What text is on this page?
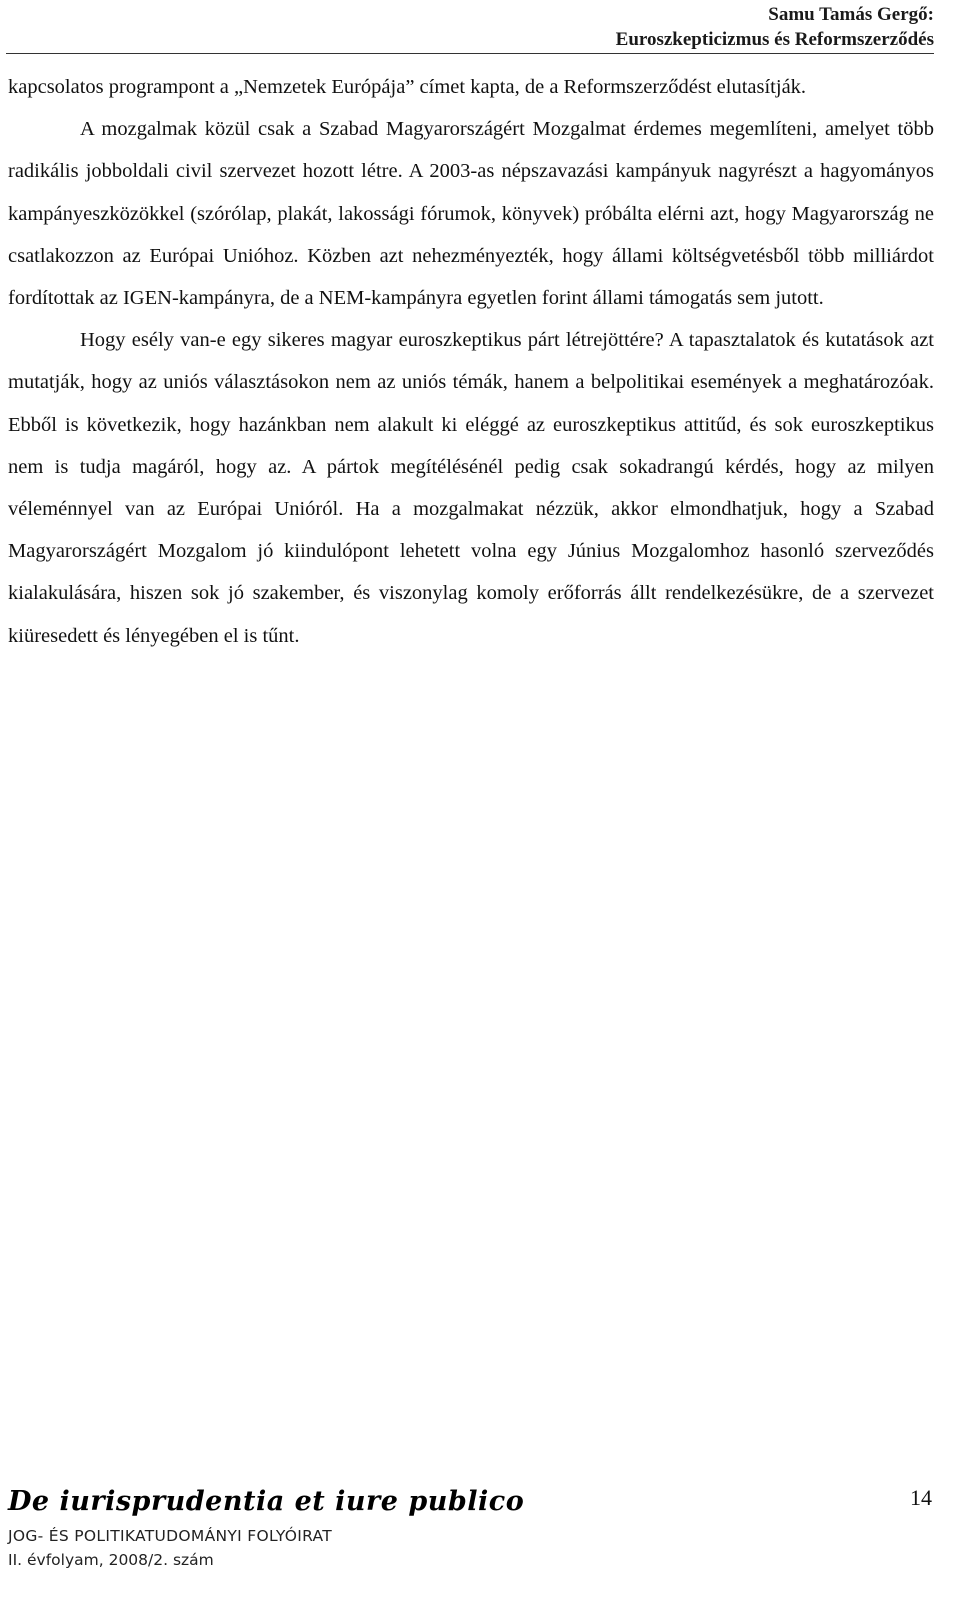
Samu Tamás Gergő:
Euroszkepticizmus és Reformszerződés

kapcsolatos programpont a „Nemzetek Európája” címet kapta, de a Reformszerződést elutasítják.

A mozgalmak közül csak a Szabad Magyarországért Mozgalmat érdemes megemlíteni, amelyet több radikális jobboldali civil szervezet hozott létre. A 2003-as népszavazási kampányuk nagyrészt a hagyományos kampányeszközökkel (szórólap, plakát, lakossági fórumok, könyvek) próbálta elérni azt, hogy Magyarország ne csatlakozzon az Európai Unióhoz. Közben azt nehezményezték, hogy állami költségvetésből több milliárdot fordítottak az IGEN-kampányra, de a NEM-kampányra egyetlen forint állami támogatás sem jutott.

Hogy esély van-e egy sikeres magyar euroszkeptikus párt létrejöttére? A tapasztalatok és kutatások azt mutatják, hogy az uniós választásokon nem az uniós témák, hanem a belpolitikai események a meghatározóak. Ebből is következik, hogy hazánkban nem alakult ki eléggé az euroszkeptikus attitűd, és sok euroszkeptikus nem is tudja magáról, hogy az. A pártok megítélésénél pedig csak sokadrangú kérdés, hogy az milyen véleménnyel van az Európai Unióról. Ha a mozgalmakat nézzük, akkor elmondhatjuk, hogy a Szabad Magyarországért Mozgalom jó kiindulópont lehetett volna egy Június Mozgalomhoz hasonló szerveződés kialakulására, hiszen sok jó szakember, és viszonylag komoly erőforrás állt rendelkezésükre, de a szervezet kiüresedett és lényegében el is tűnt.

De iurisprudentia et iure publico	14
JOG- ÉS POLITIKATUDOMÁNYI FOLYÓIRAT
II. évfolyam, 2008/2. szám
